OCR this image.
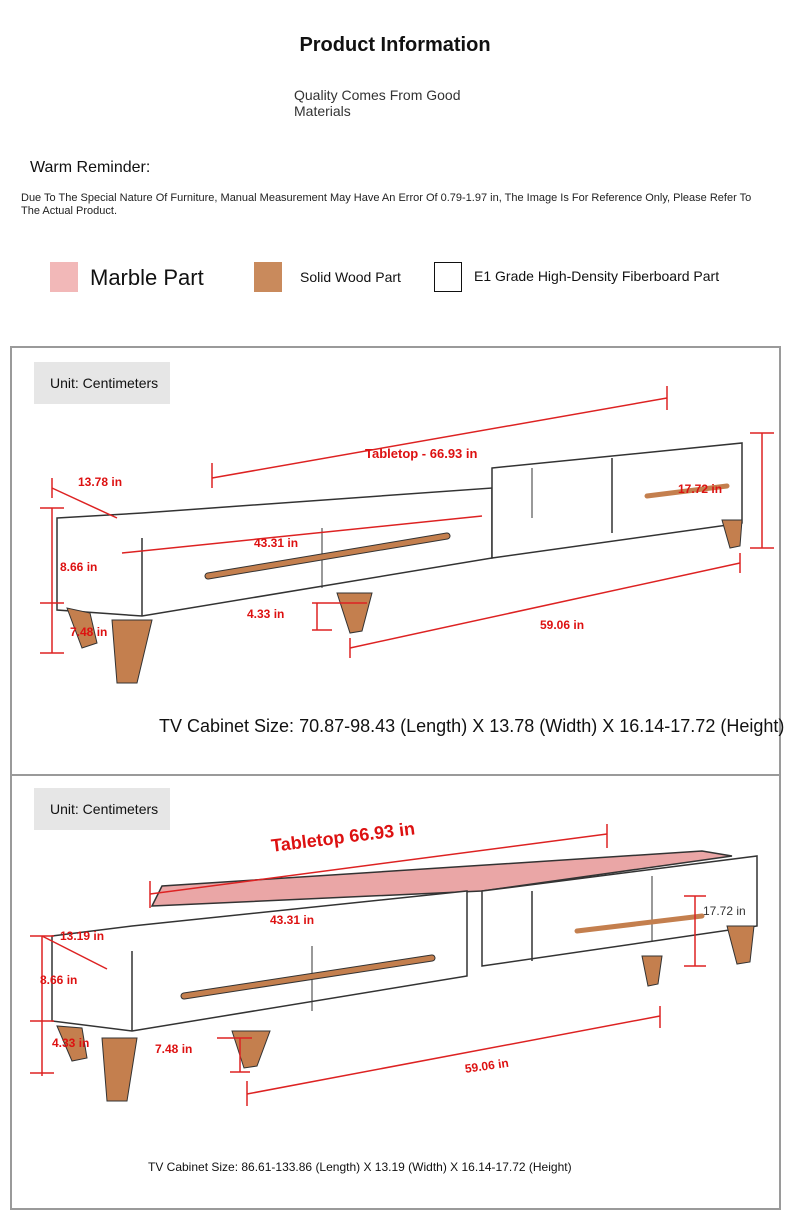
Product Information
Quality Comes From Good Materials
Warm Reminder:
Due To The Special Nature Of Furniture, Manual Measurement May Have An Error Of 0.79-1.97 in, The Image Is For Reference Only, Please Refer To The Actual Product.
Marble Part	Solid Wood Part	E1 Grade High-Density Fiberboard Part
Unit: Centimeters
Tabletop - 66.93 in
13.78 in	17.72 in
43.31 in
8.66 in
4.33 in
7.48 in	59.06 in
TV Cabinet Size: 70.87-98.43 (Length) X 13.78 (Width) X 16.14-17.72 (Height)
Unit: Centimeters
Tabletop 66.93 in
13.19 in
17.72 in
43.31 in
8.66 in
4.33 in	7.48 in
59.06 in
TV Cabinet Size: 86.61-133.86 (Length) X 13.19 (Width) X 16.14-17.72 (Height)
